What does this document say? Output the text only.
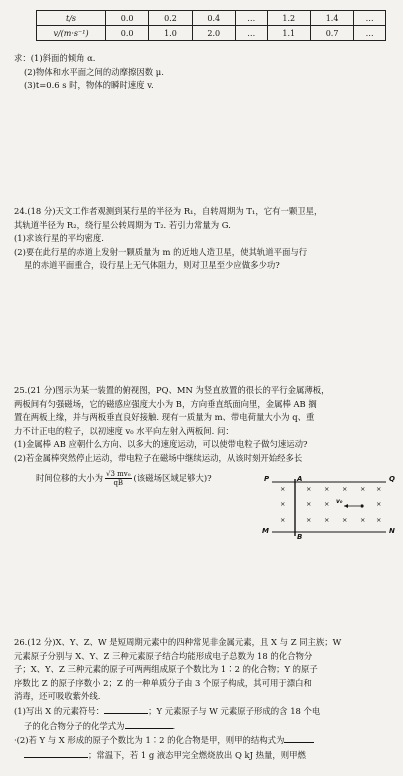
t/s	0.0	0.2	0.4	…	1.2	1.4	…
v/(m·s⁻¹)	0.0	1.0	2.0	…	1.1	0.7	…
求：(1)斜面的倾角 α.
(2)物体和水平面之间的动摩擦因数 μ.
(3)t=0.6 s 时，物体的瞬时速度 v.
24.(18 分)天文工作者观测到某行星的半径为 R₁，自转周期为 T₁，它有一颗卫星，
其轨道半径为 R₂，绕行星公转周期为 T₂. 若引力常量为 G.
(1)求该行星的平均密度.
(2)要在此行星的赤道上发射一颗质量为 m 的近地人造卫星，使其轨道平面与行
星的赤道平面重合，设行星上无气体阻力，则对卫星至少应做多少功?
25.(21 分)图示为某一装置的俯视图，PQ、MN 为竖直放置的很长的平行金属薄板，
两板间有匀强磁场，它的磁感应强度大小为 B，方向垂直纸面向里，金属棒 AB 搁
置在两板上缘，并与两板垂直良好接触. 现有一质量为 m、带电荷量大小为 q、重
力不计正电的粒子，以初速度 v₀ 水平向左射入两板间. 问：
(1)金属棒 AB 应朝什么方向、以多大的速度运动，可以使带电粒子做匀速运动?
(2)若金属棒突然停止运动，带电粒子在磁场中继续运动，从该时刻开始经多长
时间位移的大小为 $\frac{\text{√3 mv₀}}{qB}$ (该磁场区域足够大)?	P	Q
M	N
A
B
v₀
×	× × × × ×
×	× ×	×
×	× × × × ×
26.(12 分)X、Y、Z、W 是短周期元素中的四种常见非金属元素，且 X 与 Z 同主族；W
元素原子分别与 X、Y、Z 三种元素原子结合均能形成电子总数为 18 的化合物分
子；X、Y、Z 三种元素的原子可两两组成原子个数比为 1∶2 的化合物；Y 的原子
序数比 Z 的原子序数小 2；Z 的一种单质分子由 3 个原子构成，其可用于漂白和
消毒，还可吸收紫外线.
(1)写出 X 的元素符号：	；Y 元素原子与 W 元素原子形成的含 18 个电
子的化合物分子的化学式为	.
·(2)若 Y 与 X 形成的原子个数比为 1∶2 的化合物是甲，则甲的结构式为
；常温下，若 1 g 液态甲完全燃烧放出 Q kJ 热量，则甲燃
